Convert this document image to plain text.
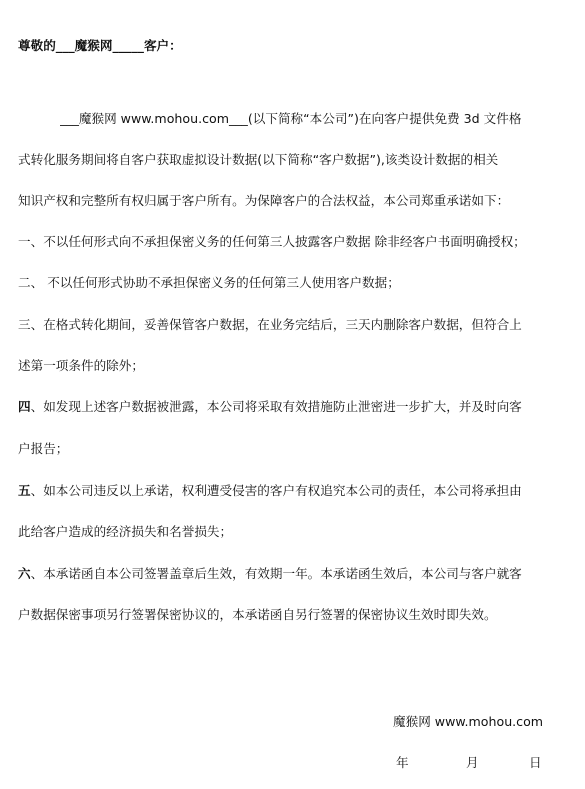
尊敬的___魔猴网_____客户：
___魔猴网 www.mohou.com___(以下简称“本公司”)在向客户提供免费 3d 文件格
式转化服务期间将自客户获取虚拟设计数据(以下简称“客户数据”),该类设计数据的相关
知识产权和完整所有权归属于客户所有。为保障客户的合法权益，本公司郑重承诺如下：
一、不以任何形式向不承担保密义务的任何第三人披露客户数据 除非经客户书面明确授权；
二、 不以任何形式协助不承担保密义务的任何第三人使用客户数据；
三、在格式转化期间，妥善保管客户数据，在业务完结后，三天内删除客户数据，但符合上
述第一项条件的除外；
四、如发现上述客户数据被泄露，本公司将采取有效措施防止泄密进一步扩大，并及时向客
户报告；
五、如本公司违反以上承诺，权利遭受侵害的客户有权追究本公司的责任，本公司将承担由
此给客户造成的经济损失和名誉损失；
六、本承诺函自本公司签署盖章后生效，有效期一年。本承诺函生效后，本公司与客户就客
户数据保密事项另行签署保密协议的，本承诺函自另行签署的保密协议生效时即失效。
魔猴网 www.mohou.com
年	月	日
